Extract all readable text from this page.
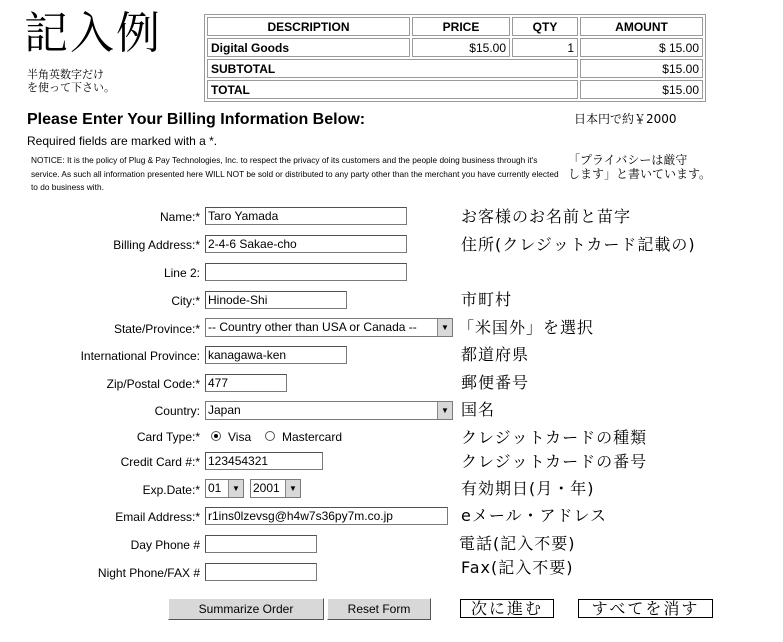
記入例
半角英数字だけ
を使って下さい。
DESCRIPTION	PRICE	QTY	AMOUNT
Digital Goods	$15.00	1	$ 15.00
SUBTOTAL			$15.00
TOTAL			$15.00
日本円で約￥2000
Please Enter Your Billing Information Below:
Required fields are marked with a *.
NOTICE: It is the policy of Plug & Pay Technologies, Inc. to respect the privacy of its customers and the people doing business through it's service. As such all information presented here WILL NOT be sold or distributed to any party other than the merchant you have currently elected to do business with.
「プライバシーは厳守
します」と書いています。
Name:* Taro Yamada	お客様のお名前と苗字
Billing Address:* 2-4-6 Sakae-cho	住所(クレジットカード記載の)
Line 2:
City:* Hinode-Shi	市町村
State/Province:* -- Country other than USA or Canada --	▼ 「米国外」を選択
International Province: kanagawa-ken	都道府県
Zip/Postal Code:* 477	郵便番号
Country: Japan	▼ 国名
Card Type:* Visa	Mastercard	クレジットカードの種類
Credit Card #:* 123454321	クレジットカードの番号
Exp.Date:* 01	▼ 2001	▼	有効期日(月・年)
Email Address:* r1ins0lzevsg@h4w7s36py7m.co.jp	eメール・アドレス
Day Phone #	電話(記入不要)
Night Phone/FAX #	Fax(記入不要)
Summarize Order	Reset Form	次に進む	すべてを消す
